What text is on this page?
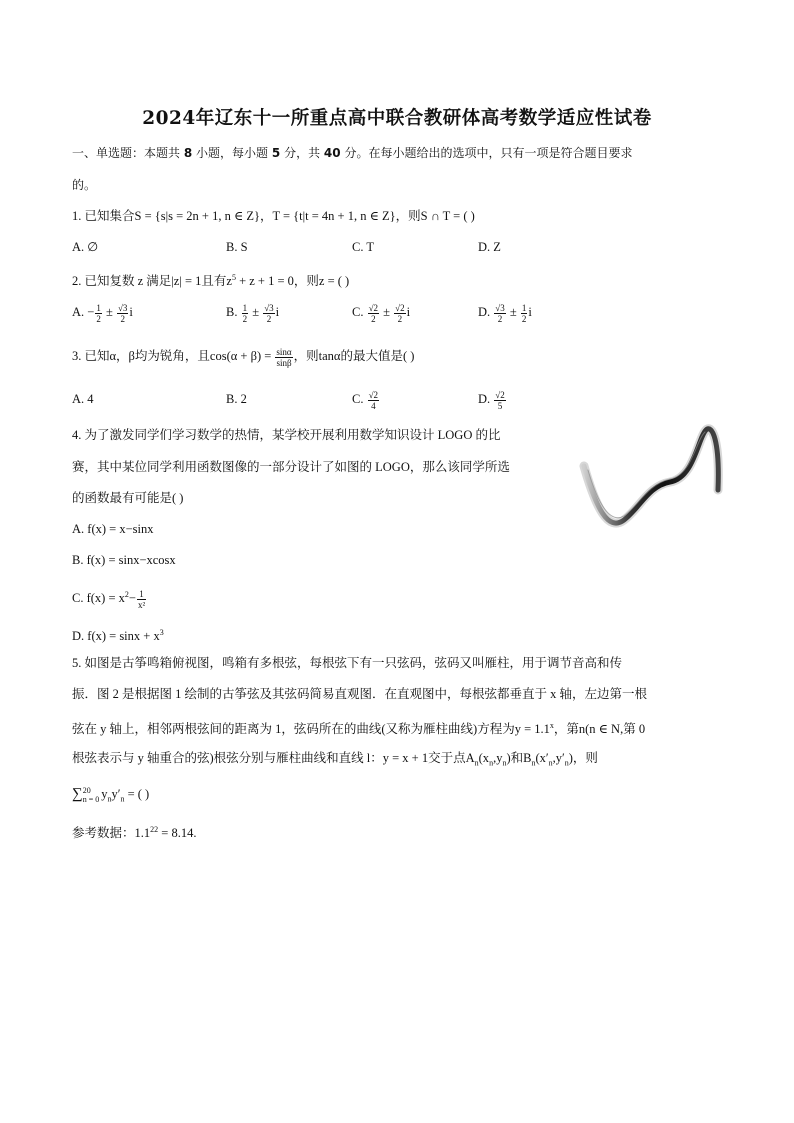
2024年辽东十一所重点高中联合教研体高考数学适应性试卷
一、单选题：本题共 8 小题，每小题 5 分，共 40 分。在每小题给出的选项中，只有一项是符合题目要求
的。
1. 已知集合S = {s|s = 2n + 1, n ∈ Z}，T = {t|t = 4n + 1, n ∈ Z}，则S ∩ T = ( )
A. ∅	B. S	C. T	D. Z
2. 已知复数 z 满足|z| = 1且有$z^5 + z + 1 = 0$，则z = ( )
A. − $\frac{1}{2} \pm \frac{√3}{2}$ i	B. $\frac{1}{2} \pm \frac{√3}{2}$ i	C. $\frac{√2}{2} \pm \frac{√2}{2}$ i	D. $\frac{√3}{2} \pm \frac{1}{2}$ i
3. 已知α，β均为锐角，且$\cos(\alpha + \beta) = \frac{\sin\alpha}{\sin\beta}$ ，则tanα的最大值是( )
A. 4	B. 2	C. $\frac{√2}{4}$	D. $\frac{√2}{5}$
4. 为了激发同学们学习数学的热情，某学校开展利用数学知识设计 LOGO 的比
赛，其中某位同学利用函数图像的一部分设计了如图的 LOGO，那么该同学所选
的函数最有可能是( )
A. f(x) = x−sinx
B. f(x) = sinx−xcosx
C. $f(x) = x^2- \frac{1}{\text{x²}}$
D. $f(x) = \sin x + x^3$
5. 如图是古筝鸣箱俯视图，鸣箱有多根弦，每根弦下有一只弦码，弦码又叫雁柱，用于调节音高和传
振．图 2 是根据图 1 绘制的古筝弦及其弦码简易直观图．在直观图中，每根弦都垂直于 x 轴，左边第一根
弦在 y 轴上，相邻两根弦间的距离为 1，弦码所在的曲线(又称为雁柱曲线)方程为$y = 1.1^x$，第n(n ∈ N,第 0
根弦表示与 y 轴重合的弦)根弦分别与雁柱曲线和直线 l：y = x + 1交于点$A_n(x_n,y_n)$和$B_n(x'_n,y'_n)$，则
∑ 20
n = 0 $y_ny'_n$ = ( )
参考数据：$1.1^{22} = 8.14$.
